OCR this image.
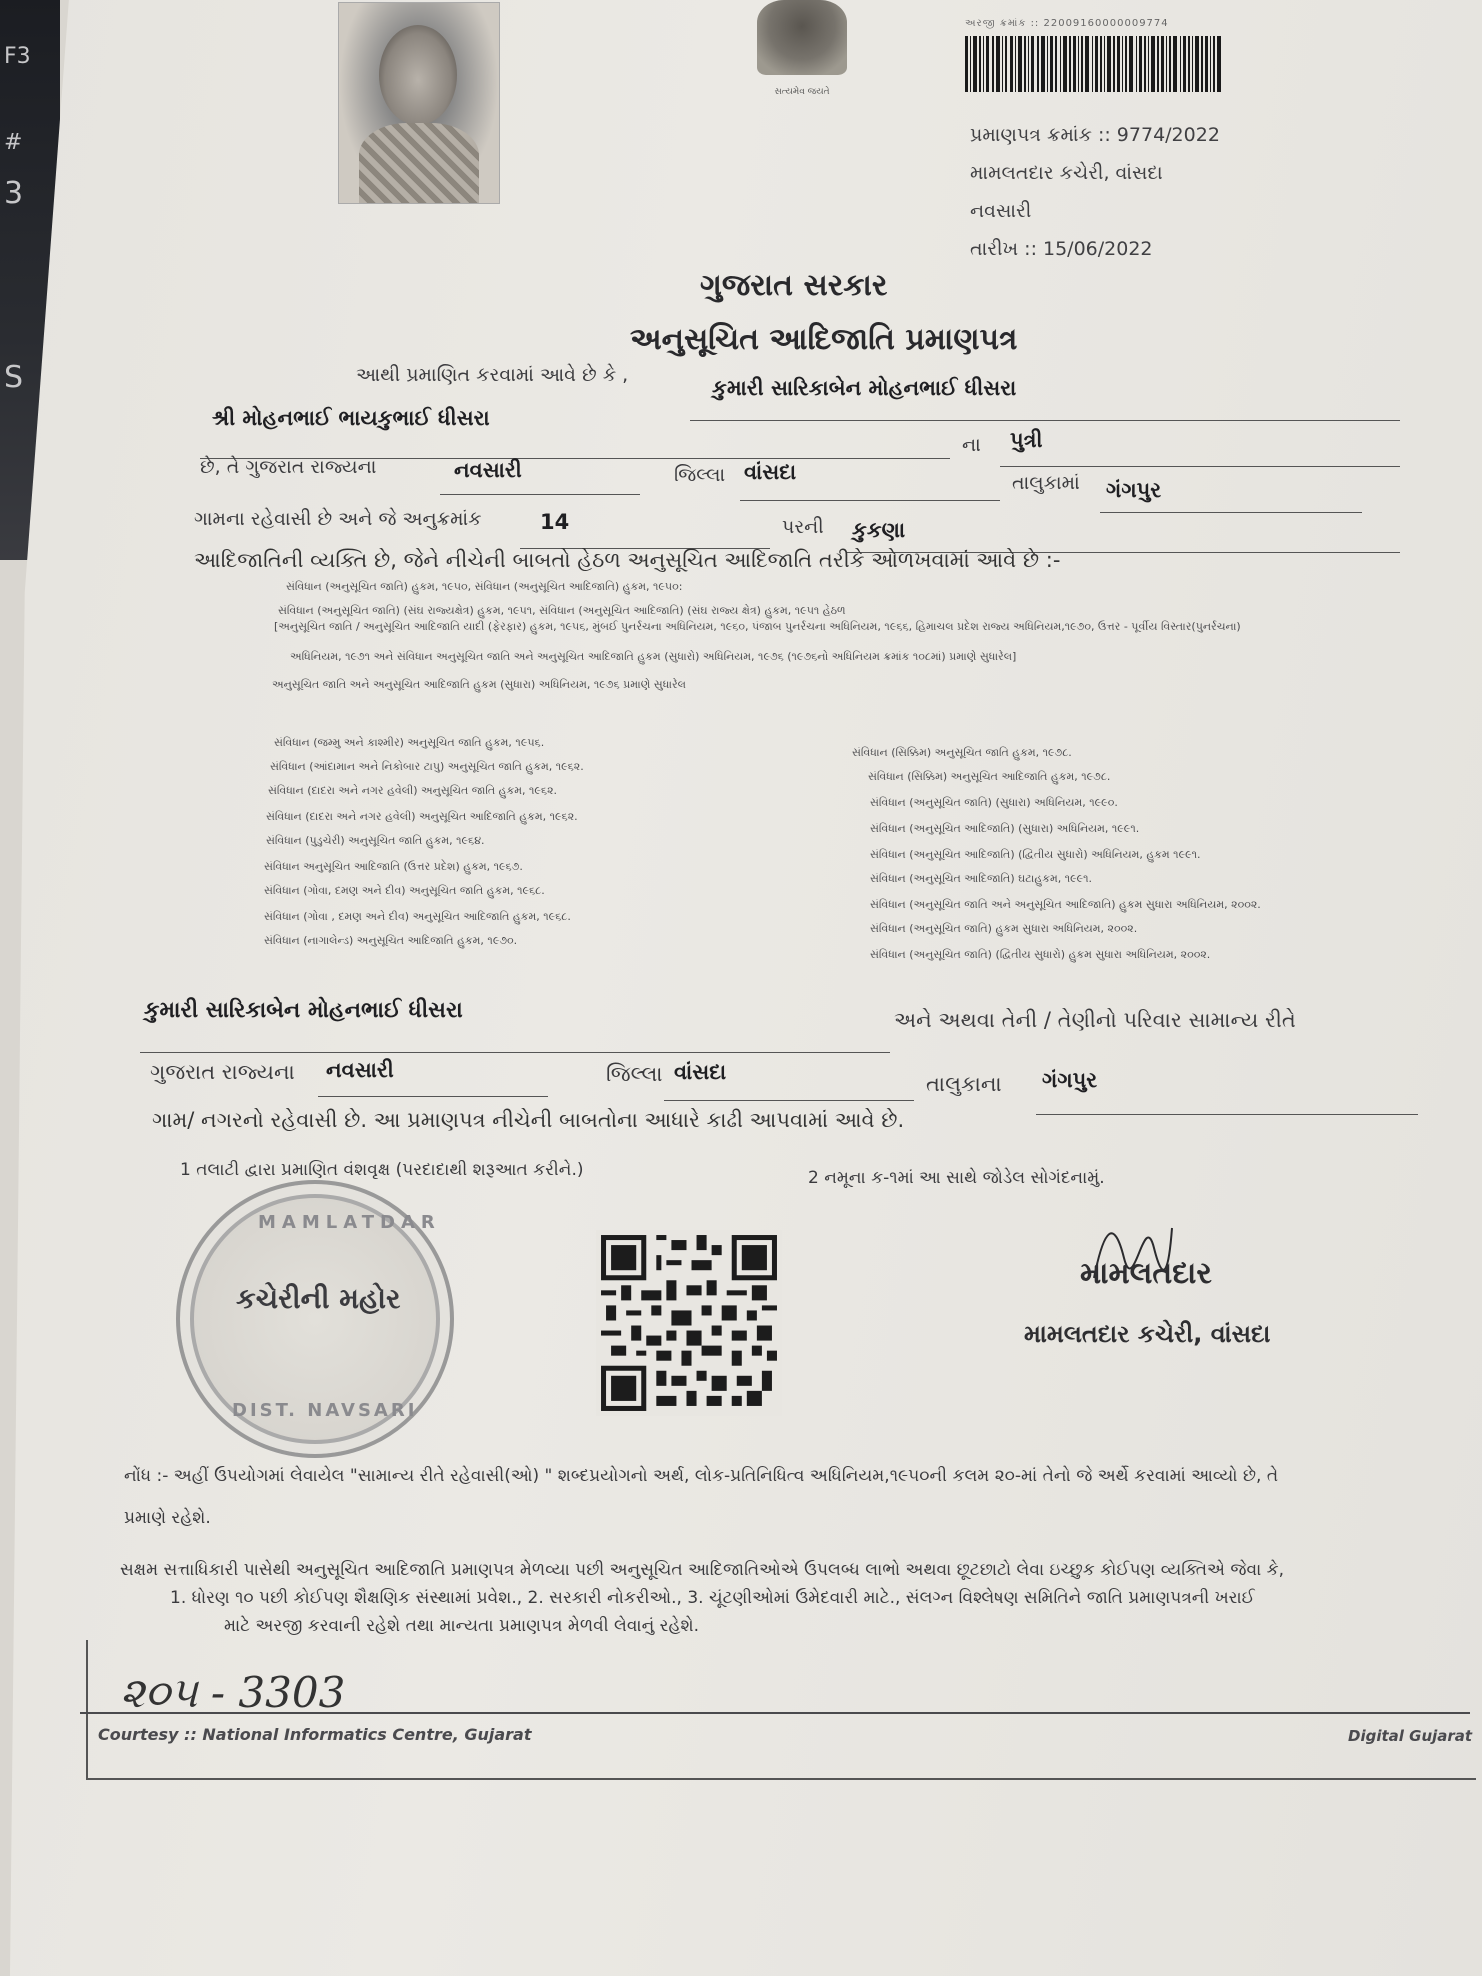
F3
#
3
S
સત્યમેવ જયતે
અરજી ક્રમાંક :: 22009160000009774
પ્રમાણપત્ર ક્રમાંક :: 9774/2022
મામલતદાર કચેરી, વાંસદા
નવસારી
તારીખ :: 15/06/2022
ગુજરાત સરકાર
અનુસૂચિત આદિજાતિ પ્રમાણપત્ર
આથી પ્રમાણિત કરવામાં આવે છે કે ,
કુમારી સારિકાબેન મોહનભાઈ ધીસરા
શ્રી મોહનભાઈ ભાયકુભાઈ ધીસરા
ના પુત્રી
છે, તે ગુજરાત રાજ્યના	નવસારી	જિલ્લા વાંસદા	તાલુકામાં ગંગપુર
ગામના રહેવાસી છે અને જે અનુક્રમાંક	14	પરની કુકણા
આદિજાતિની વ્યક્તિ છે, જેને નીચેની બાબતો હેઠળ અનુસૂચિત આદિજાતિ તરીકે ઓળખવામાં આવે છે :-
સંવિધાન (અનુસૂચિત જાતિ) હુકમ, ૧૯૫૦, સંવિધાન (અનુસૂચિત આદિજાતિ) હુકમ, ૧૯૫૦:
સંવિધાન (અનુસૂચિત જાતિ) (સંઘ રાજ્યક્ષેત્ર) હુકમ, ૧૯૫૧, સંવિધાન (અનુસૂચિત આદિજાતિ) (સંઘ રાજ્ય ક્ષેત્ર) હુકમ, ૧૯૫૧ હેઠળ
[અનુસૂચિત જાતિ / અનુસૂચિત આદિજાતિ યાદી (ફેરફાર) હુકમ, ૧૯૫૬, મુંબઈ પુનર્રચના અધિનિયમ, ૧૯૬૦, પંજાબ પુનર્રચના અધિનિયમ, ૧૯૬૬, હિમાચલ પ્રદેશ રાજ્ય અધિનિયમ,૧૯૭૦, ઉત્તર - પૂર્વીય વિસ્તાર(પુનર્રચના)
અધિનિયમ, ૧૯૭૧ અને સંવિધાન અનુસૂચિત જાતિ અને અનુસૂચિત આદિજાતિ હુકમ (સુધારો) અધિનિયમ, ૧૯૭૬ (૧૯૭૬નો અધિનિયમ ક્રમાંક ૧૦૮માં) પ્રમાણે સુધારેલ]
અનુસૂચિત જાતિ અને અનુસૂચિત આદિજાતિ હુકમ (સુધારા) અધિનિયમ, ૧૯૭૬ પ્રમાણે સુધારેલ
સંવિધાન (જમ્મુ અને કાશ્મીર) અનુસૂચિત જાતિ હુકમ, ૧૯૫૬.
સંવિધાન (આંદામાન અને નિકોબાર ટાપુ) અનુસૂચિત જાતિ હુકમ, ૧૯૬૨.
સંવિધાન (દાદરા અને નગર હવેલી) અનુસૂચિત જાતિ હુકમ, ૧૯૬૨.
સંવિધાન (દાદરા અને નગર હવેલી) અનુસૂચિત આદિજાતિ હુકમ, ૧૯૬૨.
સંવિધાન (પુડુચેરી) અનુસૂચિત જાતિ હુકમ, ૧૯૬૪.
સંવિધાન અનુસૂચિત આદિજાતિ (ઉત્તર પ્રદેશ) હુકમ, ૧૯૬૭.
સંવિધાન (ગોવા, દમણ અને દીવ) અનુસૂચિત જાતિ હુકમ, ૧૯૬૮.
સંવિધાન (ગોવા , દમણ અને દીવ) અનુસૂચિત આદિજાતિ હુકમ, ૧૯૬૮.
સંવિધાન (નાગાલેન્ડ) અનુસૂચિત આદિજાતિ હુકમ, ૧૯૭૦.
સંવિધાન (સિક્કિમ) અનુસૂચિત જાતિ હુકમ, ૧૯૭૮.
સંવિધાન (સિક્કિમ) અનુસૂચિત આદિજાતિ હુકમ, ૧૯૭૮.
સંવિધાન (અનુસૂચિત જાતિ) (સુધારા) અધિનિયમ, ૧૯૯૦.
સંવિધાન (અનુસૂચિત આદિજાતિ) (સુધારા) અધિનિયમ, ૧૯૯૧.
સંવિધાન (અનુસૂચિત આદિજાતિ) (દ્વિતીય સુધારો) અધિનિયમ, હુકમ ૧૯૯૧.
સંવિધાન (અનુસૂચિત આદિજાતિ) ઘટાહુકમ, ૧૯૯૧.
સંવિધાન (અનુસૂચિત જાતિ અને અનુસૂચિત આદિજાતિ) હુકમ સુધારા અધિનિયમ, ૨૦૦૨.
સંવિધાન (અનુસૂચિત જાતિ) હુકમ સુધારા અધિનિયમ, ૨૦૦૨.
સંવિધાન (અનુસૂચિત જાતિ) (દ્વિતીય સુધારો) હુકમ સુધારા અધિનિયમ, ૨૦૦૨.
કુમારી સારિકાબેન મોહનભાઈ ધીસરા	અને અથવા તેની / તેણીનો પરિવાર સામાન્ય રીતે
ગુજરાત રાજ્યના નવસારી	જિલ્લા વાંસદા	તાલુકાના ગંગપુર
ગામ/ નગરનો રહેવાસી છે. આ પ્રમાણપત્ર નીચેની બાબતોના આધારે કાઢી આપવામાં આવે છે.
1 તલાટી દ્વારા પ્રમાણિત વંશવૃક્ષ (પરદાદાથી શરૂઆત કરીને.)	2 નમૂના ક-૧માં આ સાથે જોડેલ સોગંદનામું.
MAMLATDAR
કચેરીની મહોર
DIST. NAVSARI
મામલતદાર
મામલતદાર કચેરી, વાંસદા
નોંધ :- અહીં ઉપયોગમાં લેવાયેલ "સામાન્ય રીતે રહેવાસી(ઓ) " શબ્દપ્રયોગનો અર્થ, લોક-પ્રતિનિધિત્વ અધિનિયમ,૧૯૫૦ની કલમ ૨૦-માં તેનો જે અર્થે કરવામાં આવ્યો છે, તે
પ્રમાણે રહેશે.
સક્ષમ સત્તાધિકારી પાસેથી અનુસૂચિત આદિજાતિ પ્રમાણપત્ર મેળવ્યા પછી અનુસૂચિત આદિજાતિઓએ ઉપલબ્ધ લાભો અથવા છૂટછાટો લેવા ઇચ્છુક કોઈપણ વ્યક્તિએ જેવા કે,
1. ધોરણ ૧૦ પછી કોઈપણ શૈક્ષણિક સંસ્થામાં પ્રવેશ., 2. સરકારી નોકરીઓ., 3. ચૂંટણીઓમાં ઉમેદવારી માટે., સંલગ્ન વિશ્લેષણ સમિતિને જાતિ પ્રમાણપત્રની ખરાઈ
માટે અરજી કરવાની રહેશે તથા માન્યતા પ્રમાણપત્ર મેળવી લેવાનું રહેશે.
૨૦૫ - 3303
Courtesy :: National Informatics Centre, Gujarat	Digital Gujarat
